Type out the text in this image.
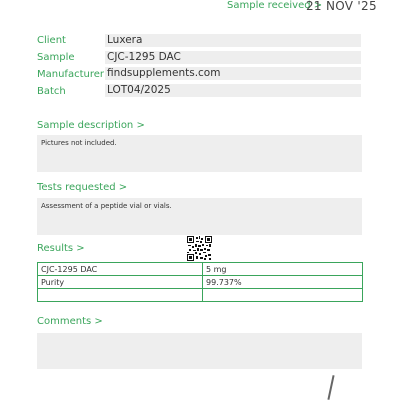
Sample received >
21 NOV '25
Client	Luxera
Sample	CJC-1295 DAC
Manufacturer findsupplements.com
Batch	LOT04/2025
Sample description >
Pictures not included.
Tests requested >
Assessment of a peptide vial or vials.
Results >
CJC-1295 DAC	5 mg
Purity	99.737%

Comments >
